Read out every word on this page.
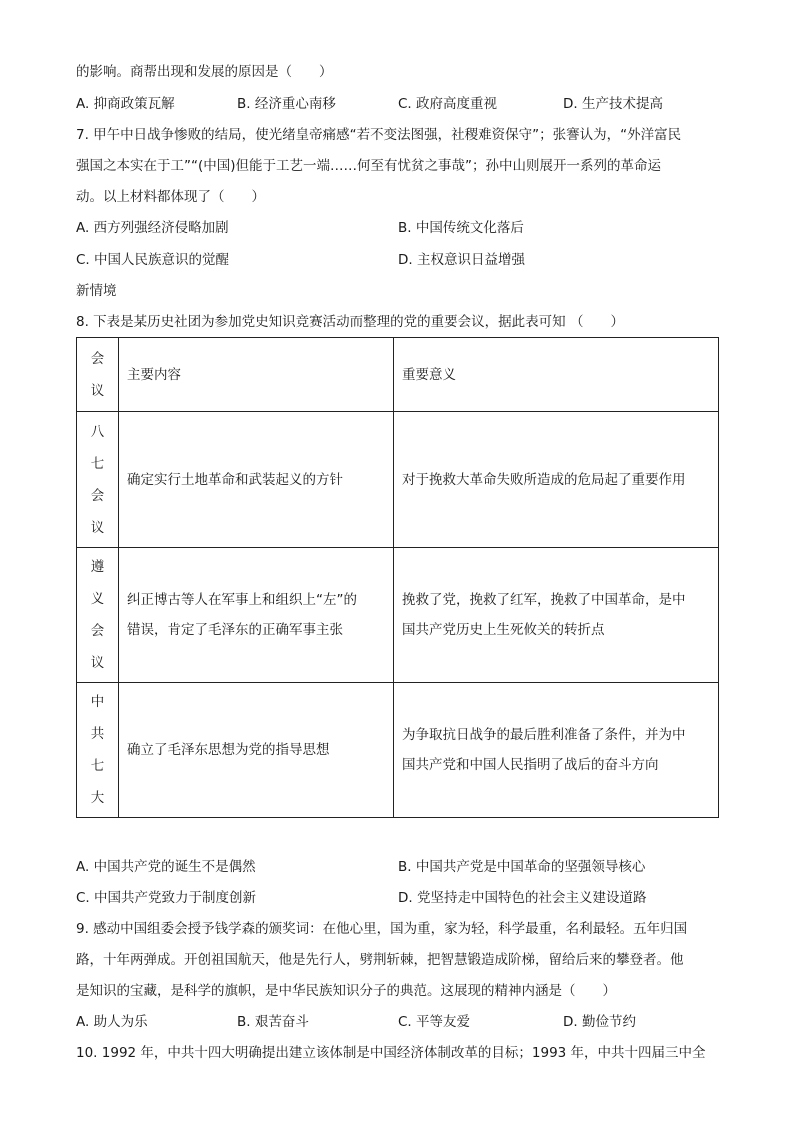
的影响。商帮出现和发展的原因是（　　）
A. 抑商政策瓦解	B. 经济重心南移	C. 政府高度重视	D. 生产技术提高
7. 甲午中日战争惨败的结局，使光绪皇帝痛感“若不变法图强，社稷难资保守”；张謇认为，“外洋富民
强国之本实在于工”“(中国)但能于工艺一端……何至有忧贫之事哉”；孙中山则展开一系列的革命运
动。以上材料都体现了（　　）
A. 西方列强经济侵略加剧	B. 中国传统文化落后
C. 中国人民族意识的觉醒	D. 主权意识日益增强
新情境
8. 下表是某历史社团为参加党史知识竞赛活动而整理的党的重要会议，据此表可知 （　　）
会议	主要内容	重要意义
八七会议	确定实行土地革命和武装起义的方针	对于挽救大革命失败所造成的危局起了重要作用

遵义会议	纠正博古等人在军事上和组织上“左”的
错误，肯定了毛泽东的正确军事主张	挽救了党，挽救了红军，挽救了中国革命，是中
国共产党历史上生死攸关的转折点

中共七大	确立了毛泽东思想为党的指导思想	为争取抗日战争的最后胜利准备了条件，并为中
国共产党和中国人民指明了战后的奋斗方向
A. 中国共产党的诞生不是偶然	B. 中国共产党是中国革命的坚强领导核心
C. 中国共产党致力于制度创新	D. 党坚持走中国特色的社会主义建设道路
9. 感动中国组委会授予钱学森的颁奖词：在他心里，国为重，家为轻，科学最重，名利最轻。五年归国
路，十年两弹成。开创祖国航天，他是先行人，劈荆斩棘，把智慧锻造成阶梯，留给后来的攀登者。他
是知识的宝藏，是科学的旗帜，是中华民族知识分子的典范。这展现的精神内涵是（　　）
A. 助人为乐	B. 艰苦奋斗	C. 平等友爱	D. 勤俭节约
10. 1992 年，中共十四大明确提出建立该体制是中国经济体制改革的目标；1993 年，中共十四届三中全
